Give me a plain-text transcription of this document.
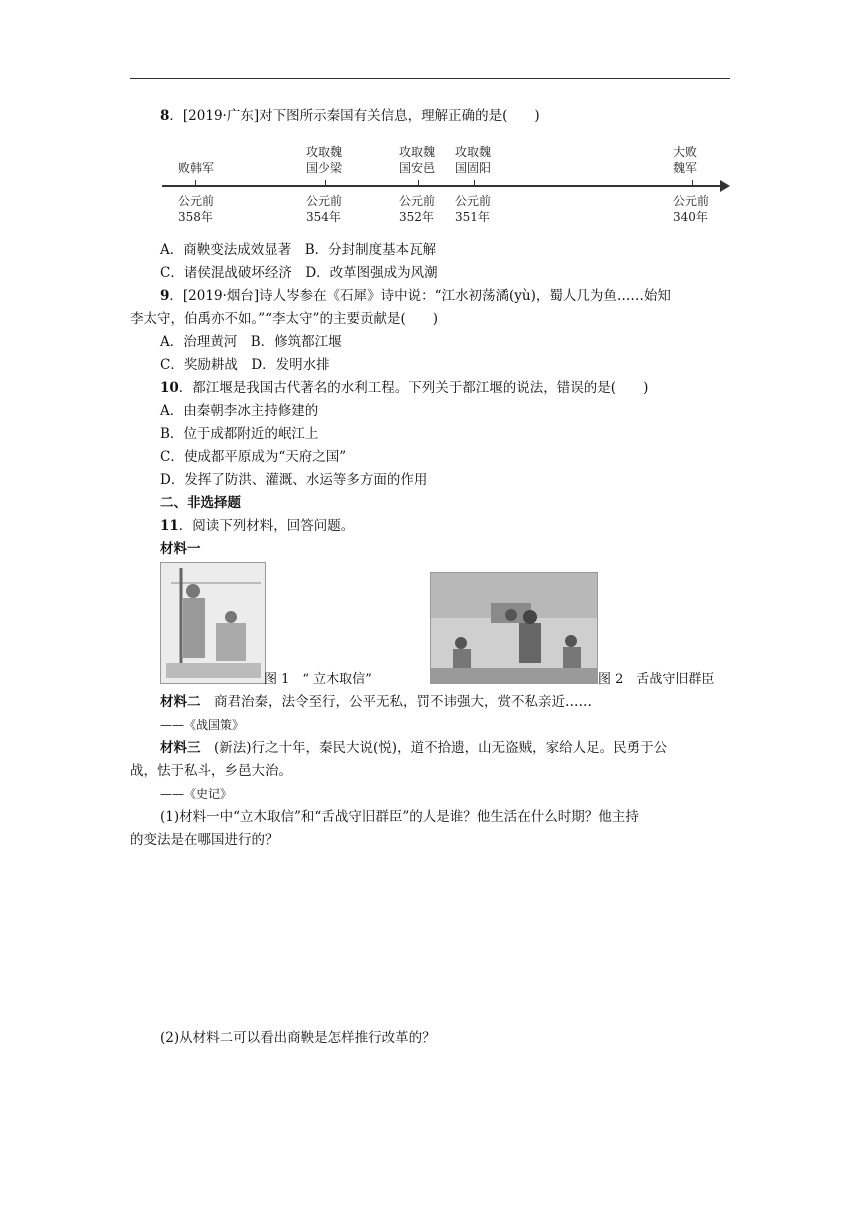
8．[2019·广东]对下图所示秦国有关信息，理解正确的是(　　)
败韩军
攻取魏
国少梁
攻取魏
国安邑
攻取魏
国固阳
大败
魏军
公元前
358年
公元前
354年
公元前
352年
公元前
351年
公元前
340年
A．商鞅变法成效显著　B．分封制度基本瓦解
C．诸侯混战破坏经济　D．改革图强成为风潮
9．[2019·烟台]诗人岑参在《石犀》诗中说：“江水初荡潏(yù)，蜀人几为鱼……始知
李太守，伯禹亦不如。”“李太守”的主要贡献是(　　)
A．治理黄河　B．修筑都江堰
C．奖励耕战　D．发明水排
10．都江堰是我国古代著名的水利工程。下列关于都江堰的说法，错误的是(　　)
A．由秦朝李冰主持修建的
B．位于成都附近的岷江上
C．使成都平原成为“天府之国”
D．发挥了防洪、灌溉、水运等多方面的作用
二、非选择题
11．阅读下列材料，回答问题。
材料一
图 1　“ 立木取信”	图 2　舌战守旧群臣
材料二　商君治秦，法令至行，公平无私，罚不讳强大，赏不私亲近……
——《战国策》
材料三　(新法)行之十年，秦民大说(悦)，道不拾遗，山无盗贼，家给人足。民勇于公
战，怯于私斗，乡邑大治。
——《史记》
(1)材料一中“立木取信”和“舌战守旧群臣”的人是谁？他生活在什么时期？他主持
的变法是在哪国进行的？
(2)从材料二可以看出商鞅是怎样推行改革的？
